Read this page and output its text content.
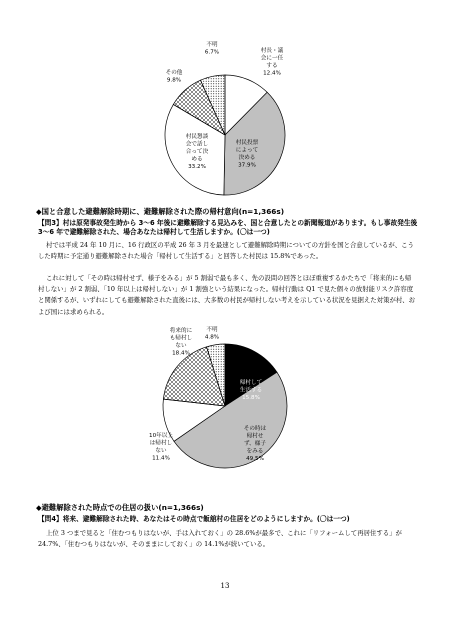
村長・議会に一任する 12.4%
村民投票によって決める 37.9%
村民懇談会で話し合って決める 33.2%
その他 9.8%
不明 6.7%
◆国と合意した避難解除時期に、避難解除された際の帰村意向(n=1,366s)
【問3】村は原発事故発生時から 3～6 年後に避難解除する見込みを、国と合意したとの新聞報道があります。もし事故発生後 3～6 年で避難解除された、場合あなたは帰村して生活しますか。(〇は一つ)
村では平成 24 年 10 月に、16 行政区の平成 26 年 3 月を最速として避難解除時期についての方針を国と合意しているが、こうした時期に予定通り避難解除された場合「帰村して生活する」と回答した村民は 15.8%であった。
これに対して「その時は帰村せず、様子をみる」が 5 割弱で最も多く、先の設問の回答とほぼ重複するかたちで「将来的にも帰村しない」が 2 割弱、「10 年以上は帰村しない」が 1 割強という結果になった。帰村行動は Q1 で見た個々の放射能リスク許容度と関係するが、いずれにしても避難解除された直後には、大多数の村民が帰村しない考えを示している状況を見据えた対策が村、および国には求められる。
帰村して生活する 15.8%
その時は帰村せず、様子をみる 49.5%
10年以上は帰村しない 11.4%
将来的にも帰村しない 18.4%
不明 4.8%
◆避難解除された時点での住居の扱い(n=1,366s)
【問4】将来、避難解除された時、あなたはその時点で飯舘村の住居をどのようにしますか。(〇は一つ)
上位 3 つまで見ると「住むつもりはないが、手は入れておく」の 28.6%が最多で、これに「リフォームして再居住する」が 24.7%、「住むつもりはないが、そのままにしておく」の 14.1%が続いている。
13
